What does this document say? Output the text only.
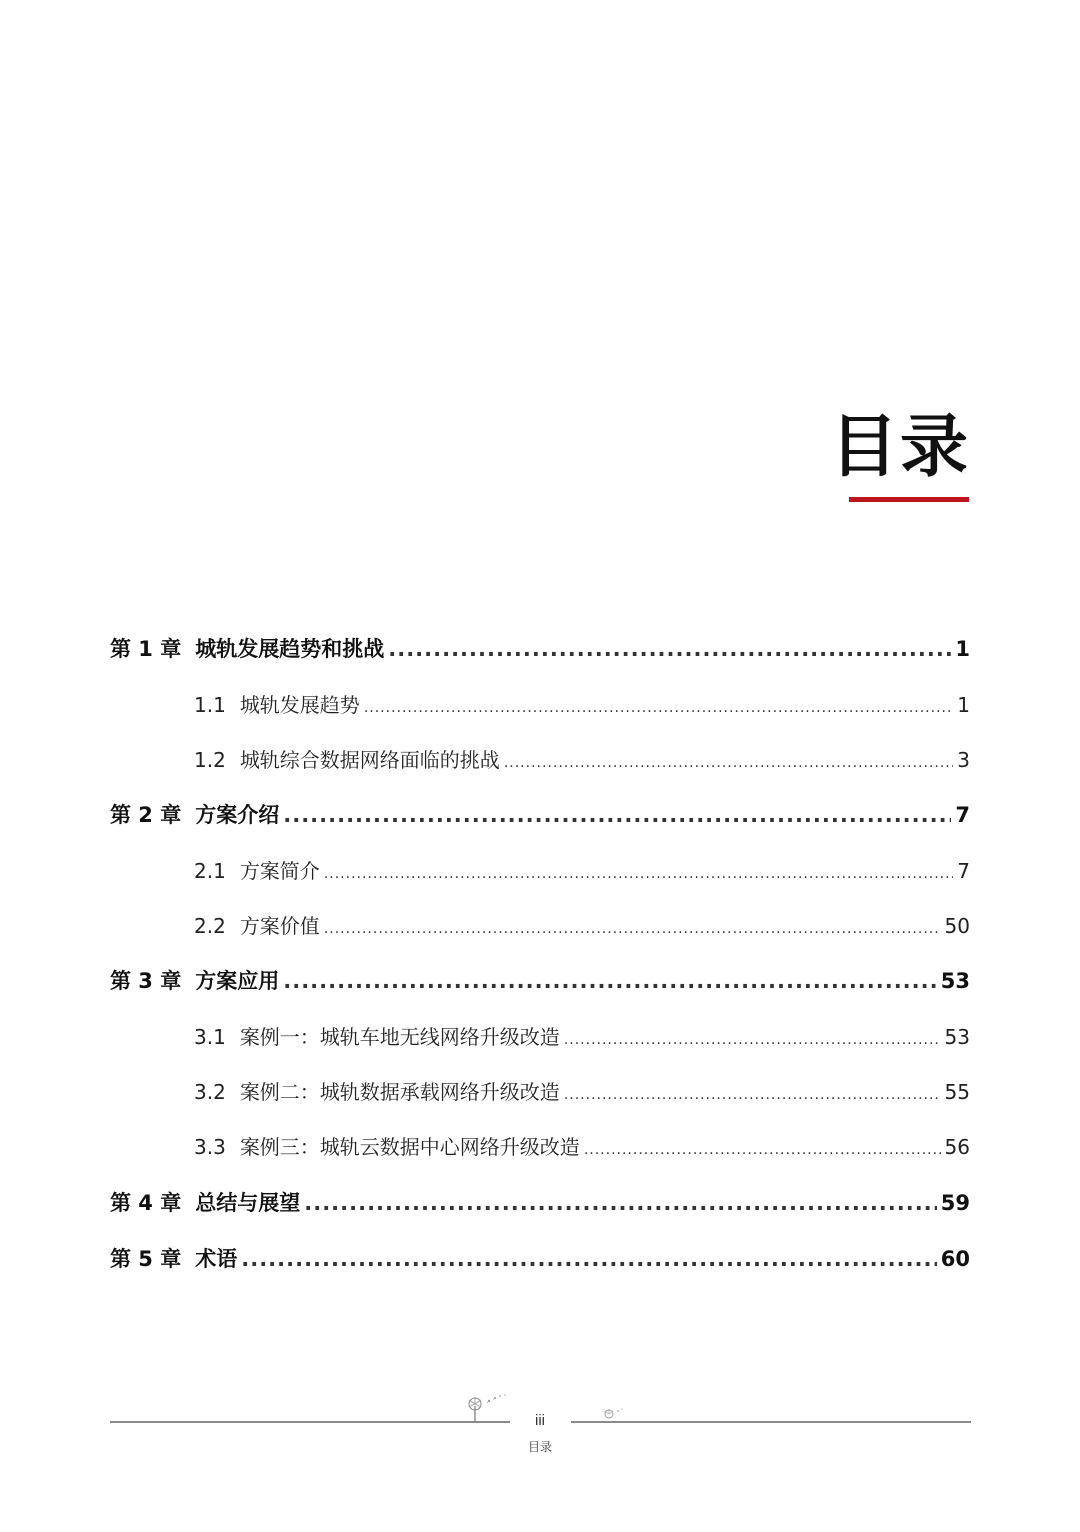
目录
第 1 章 城轨发展趋势和挑战 .....	1
1.1 城轨发展趋势 .....	1
1.2 城轨综合数据网络面临的挑战 .....	3
第 2 章 方案介绍 .....	7
2.1 方案简介 .....	7
2.2 方案价值 .....	50
第 3 章 方案应用 .....	53
3.1 案例一：城轨车地无线网络升级改造 .....	53
3.2 案例二：城轨数据承载网络升级改造 .....	55
3.3 案例三：城轨云数据中心网络升级改造 .....	56
第 4 章 总结与展望 .....	59
第 5 章 术语 .....	60
iii
目录
